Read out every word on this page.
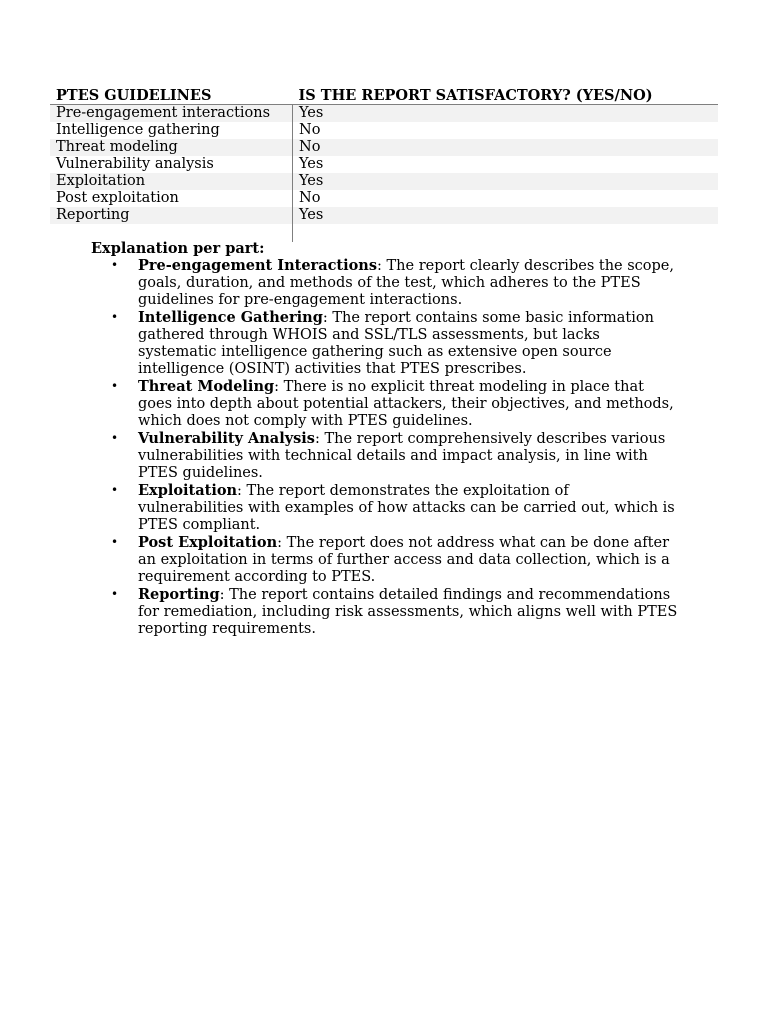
PTES GUIDELINES	IS THE REPORT SATISFACTORY? (YES/NO)
Pre-engagement interactions	Yes
Intelligence gathering	No
Threat modeling	No
Vulnerability analysis	Yes
Exploitation	Yes
Post exploitation	No
Reporting	Yes

Explanation per part:

• Pre-engagement Interactions: The report clearly describes the scope, goals, duration, and methods of the test, which adheres to the PTES guidelines for pre-engagement interactions.
• Intelligence Gathering: The report contains some basic information gathered through WHOIS and SSL/TLS assessments, but lacks systematic intelligence gathering such as extensive open source intelligence (OSINT) activities that PTES prescribes.
• Threat Modeling: There is no explicit threat modeling in place that goes into depth about potential attackers, their objectives, and methods, which does not comply with PTES guidelines.
• Vulnerability Analysis: The report comprehensively describes various vulnerabilities with technical details and impact analysis, in line with PTES guidelines.
• Exploitation: The report demonstrates the exploitation of vulnerabilities with examples of how attacks can be carried out, which is PTES compliant.
• Post Exploitation: The report does not address what can be done after an exploitation in terms of further access and data collection, which is a requirement according to PTES.
• Reporting: The report contains detailed findings and recommendations for remediation, including risk assessments, which aligns well with PTES reporting requirements.
